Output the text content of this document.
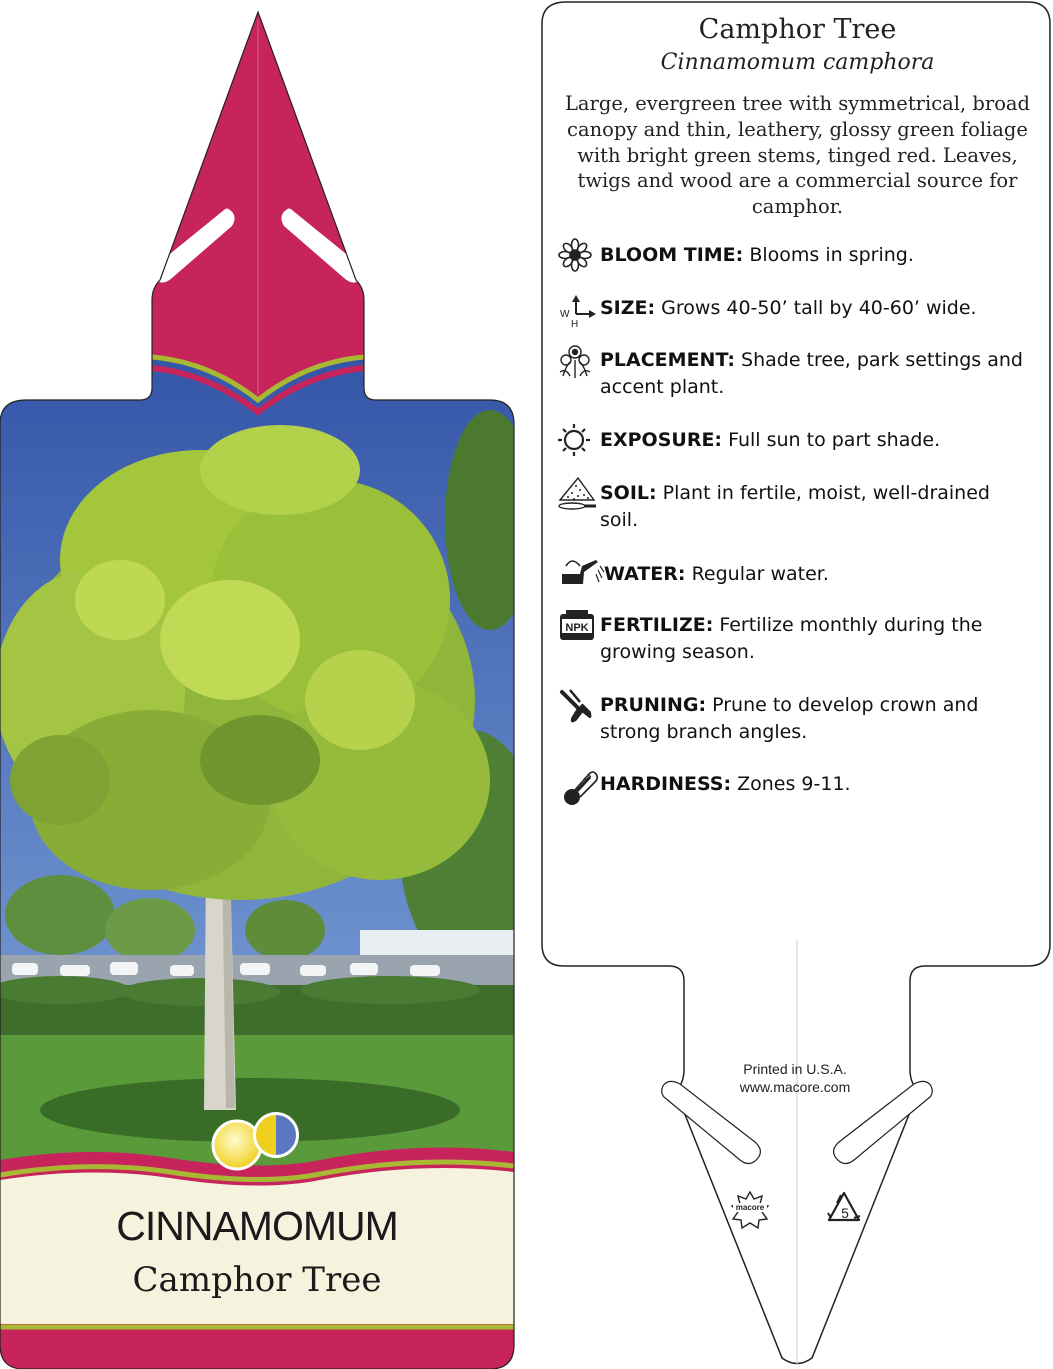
W
H
NPK
macore	5
Camphor Tree
Cinnamomum camphora
Large, evergreen tree with symmetrical, broad canopy and thin, leathery, glossy green foliage with bright green stems, tinged red. Leaves, twigs and wood are a commercial source for camphor.
BLOOM TIME: Blooms in spring.
SIZE: Grows 40-50’ tall by 40-60’ wide.
PLACEMENT: Shade tree, park settings and accent plant.
EXPOSURE: Full sun to part shade.
SOIL: Plant in fertile, moist, well-drained soil.
WATER: Regular water.
FERTILIZE: Fertilize monthly during the growing season.
PRUNING: Prune to develop crown and strong branch angles.
HARDINESS: Zones 9-11.
Printed in U.S.A.
www.macore.com
CINNAMOMUM
Camphor Tree
